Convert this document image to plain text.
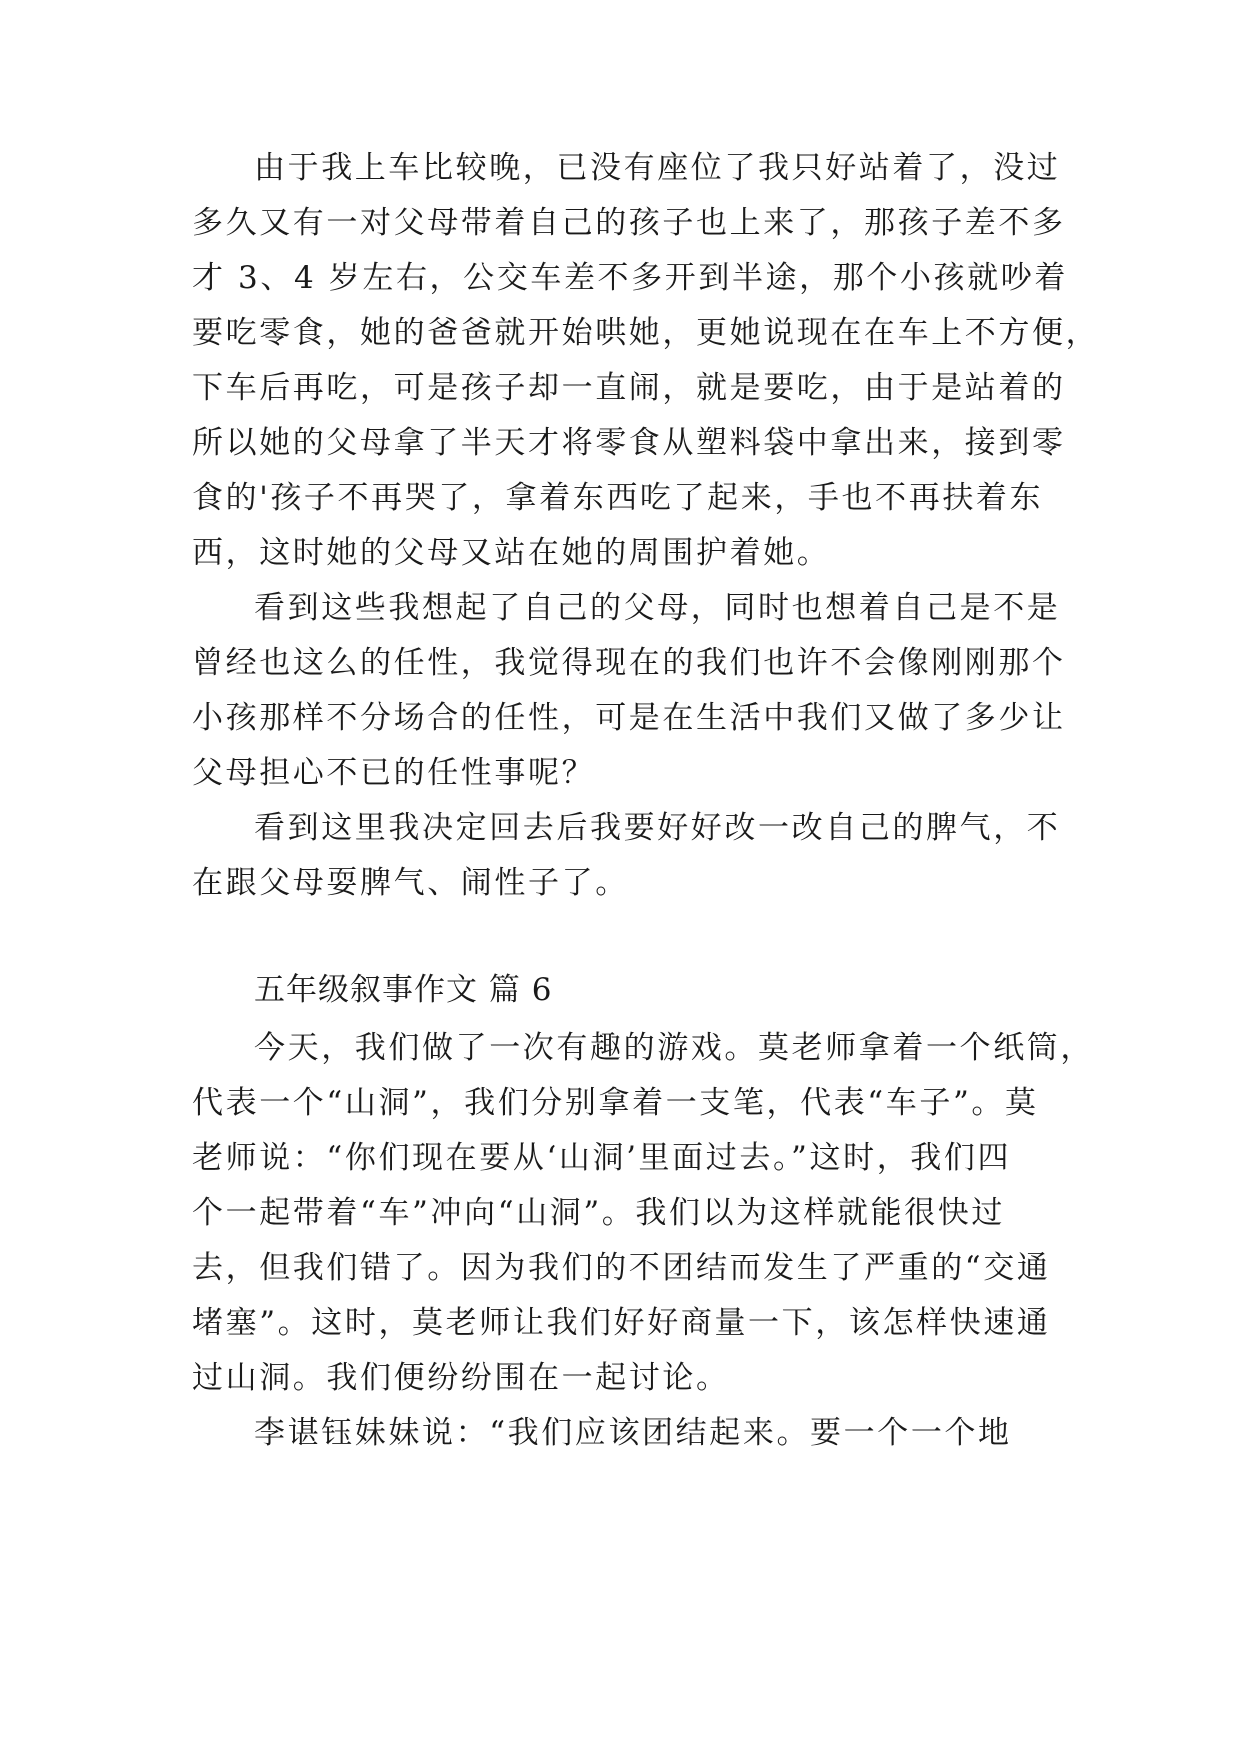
由于我上车比较晚，已没有座位了我只好站着了，没过
多久又有一对父母带着自己的孩子也上来了，那孩子差不多
才 3、4 岁左右，公交车差不多开到半途，那个小孩就吵着
要吃零食，她的爸爸就开始哄她，更她说现在在车上不方便，
下车后再吃，可是孩子却一直闹，就是要吃，由于是站着的
所以她的父母拿了半天才将零食从塑料袋中拿出来，接到零
食的'孩子不再哭了，拿着东西吃了起来，手也不再扶着东
西，这时她的父母又站在她的周围护着她。
看到这些我想起了自己的父母，同时也想着自己是不是
曾经也这么的任性，我觉得现在的我们也许不会像刚刚那个
小孩那样不分场合的任性，可是在生活中我们又做了多少让
父母担心不已的任性事呢？
看到这里我决定回去后我要好好改一改自己的脾气，不
在跟父母耍脾气、闹性子了。
五年级叙事作文 篇 6
今天，我们做了一次有趣的游戏。莫老师拿着一个纸筒，
代表一个“山洞”，我们分别拿着一支笔，代表“车子”。莫
老师说：“你们现在要从‘山洞’里面过去。”这时，我们四
个一起带着“车”冲向“山洞”。我们以为这样就能很快过
去，但我们错了。因为我们的不团结而发生了严重的“交通
堵塞”。这时，莫老师让我们好好商量一下，该怎样快速通
过山洞。我们便纷纷围在一起讨论。
李谌钰妹妹说：“我们应该团结起来。要一个一个地
